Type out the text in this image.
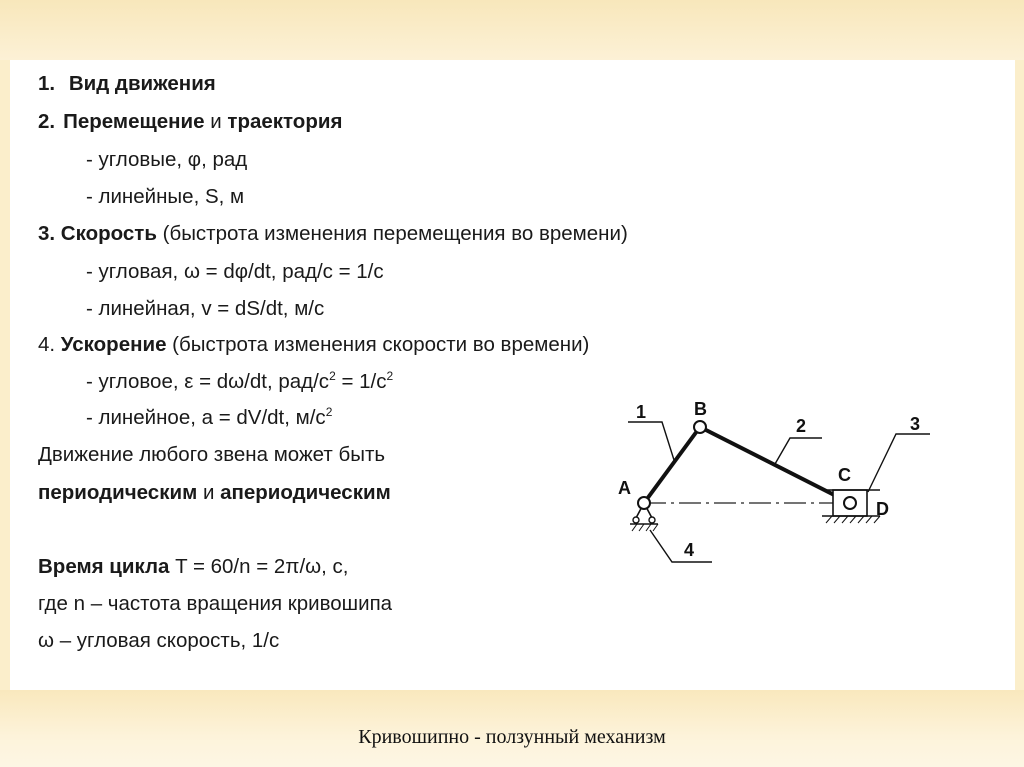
1. Вид движения
2. Перемещение и траектория
- угловые, φ, рад
- линейные, S, м
3. Скорость (быстрота изменения перемещения во времени)
- угловая, ω = dφ/dt, рад/с = 1/с
- линейная, v = dS/dt, м/с
4. Ускорение (быстрота изменения скорости во времени)
- угловое, ε = dω/dt, рад/$с^2 = 1/с^2$
- линейное, a = dV/dt, $м/с^2$
Движение любого звена может быть
периодическим и апериодическим
Время цикла T = 60/n = 2π/ω, с,
где n – частота вращения кривошипа
ω – угловая скорость, 1/с
A
B
C
D
1
2	3
4
Кривошипно - ползунный механизм
